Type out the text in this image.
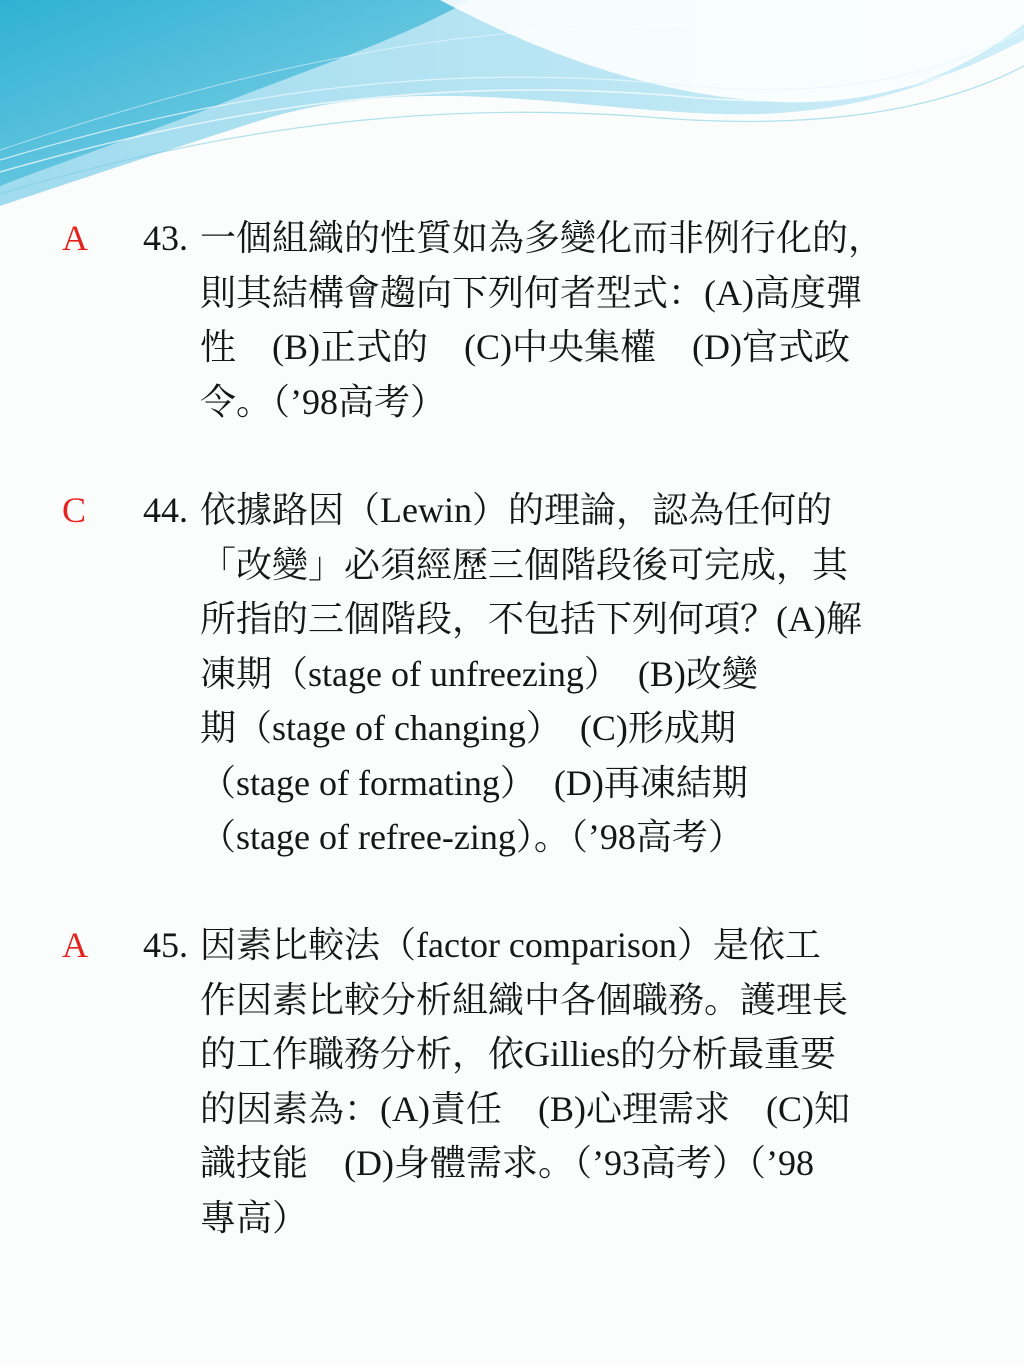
A 43. 一個組織的性質如為多變化而非例行化的，
則其結構會趨向下列何者型式：(A)高度彈
性　(B)正式的　(C)中央集權　(D)官式政
令。（’98高考）
C 44. 依據路因（Lewin）的理論，認為任何的
「改變」必須經歷三個階段後可完成，其
所指的三個階段，不包括下列何項？(A)解
凍期（stage of unfreezing）　(B)改變
期（stage of changing）　(C)形成期
（stage of formating）　(D)再凍結期
（stage of refree-zing）。（’98高考）
A 45. 因素比較法（factor comparison）是依工
作因素比較分析組織中各個職務。護理長
的工作職務分析，依Gillies的分析最重要
的因素為：(A)責任　(B)心理需求　(C)知
識技能　(D)身體需求。（’93高考）（’98
專高）
